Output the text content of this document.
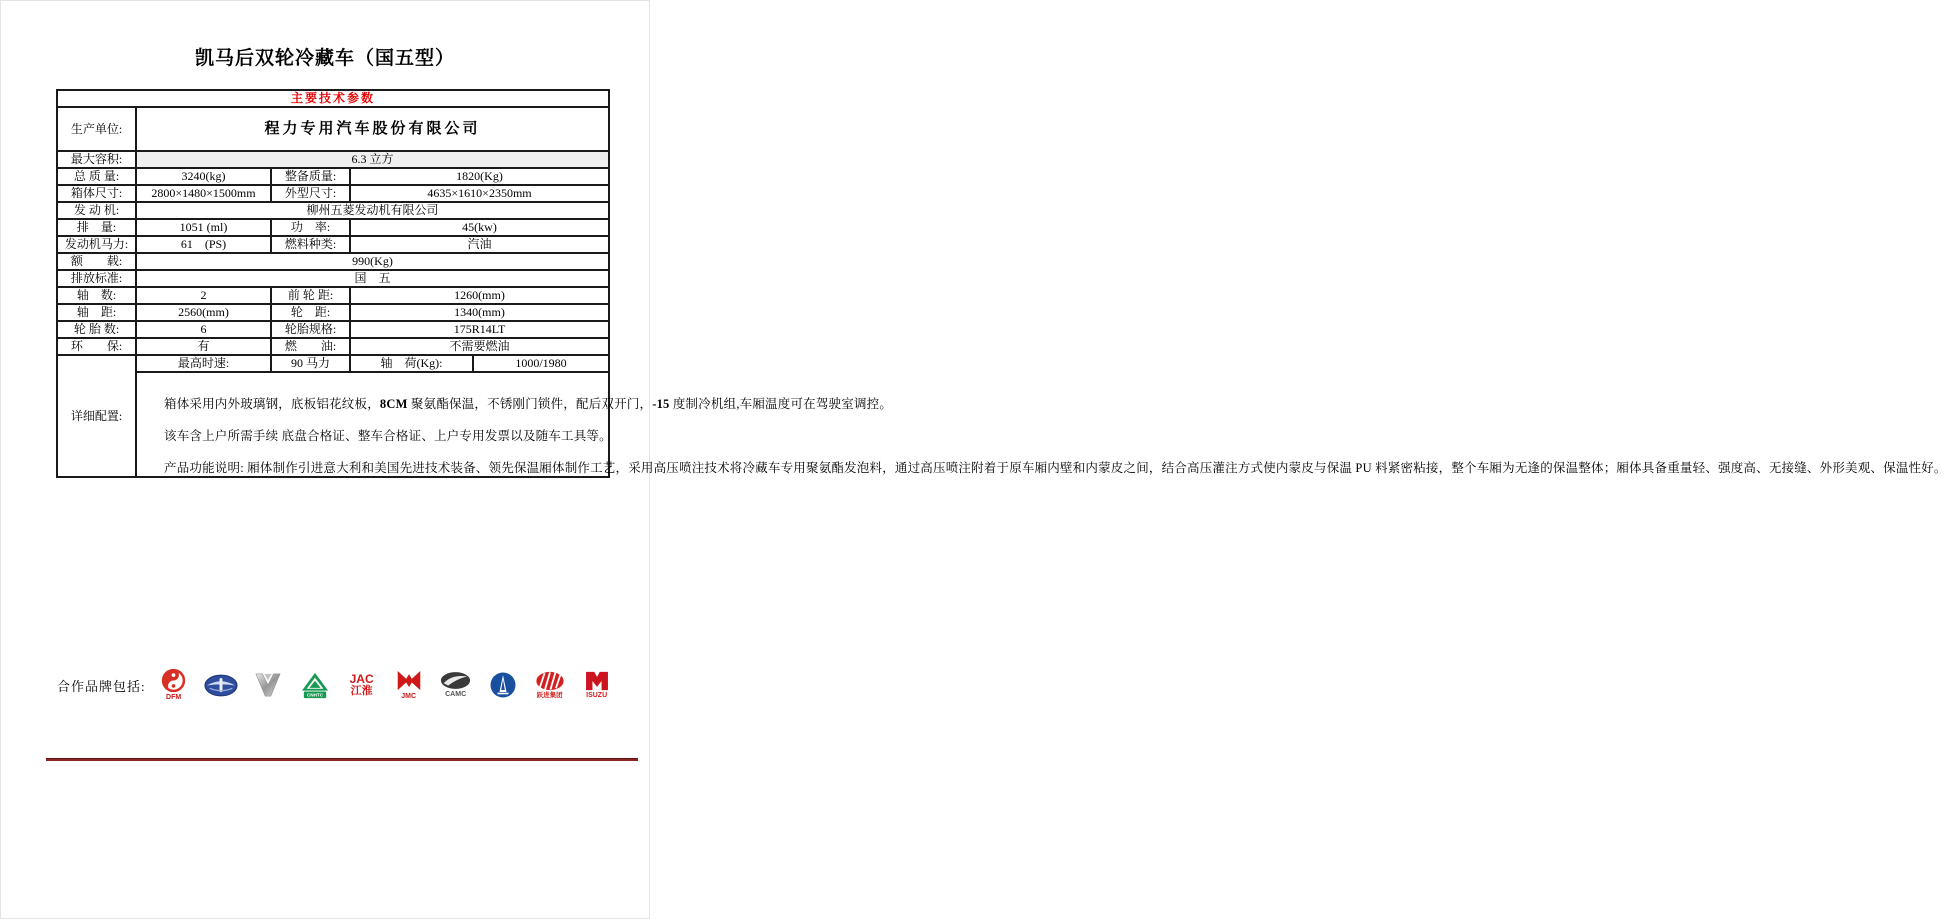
凯马后双轮冷藏车（国五型）
主要技术参数				
生产单位:	程力专用汽车股份有限公司			
最大容积:	6.3 立方			
总 质 量:	3240(kg)	整备质量:	1820(Kg)	
箱体尺寸:	2800×1480×1500mm	外型尺寸:	4635×1610×2350mm	
发 动 机:	柳州五菱发动机有限公司			
排　量:	1051 (ml)	功　率:	45(kw)	
发动机马力:	61　(PS)	燃料种类:	汽油	
额　　载:	990(Kg)			
排放标准:	国　五			
轴　数:	2	前 轮 距:	1260(mm)	
轴　距:	2560(mm)	轮　距:	1340(mm)	
轮 胎 数:	6	轮胎规格:	175R14LT	
环　　保:	有	燃　　油:	不需要燃油	
详细配置:	最高时速:	90 马力	轴　荷(Kg):	1000/1980

	箱体采用内外玻璃钢，底板铝花纹板，8CM 聚氨酯保温，不锈刚门锁件，配后双开门，-15 度制冷机组,车厢温度可在驾驶室调控。

该车含上户所需手续 底盘合格证、整车合格证、上户专用发票以及随车工具等。

产品功能说明: 厢体制作引进意大利和美国先进技术装备、领先保温厢体制作工艺，采用高压喷注技术将冷藏车专用聚氨酯发泡料，通过高压喷注附着于原车厢内壁和内蒙皮之间，结合高压灌注方式使内蒙皮与保温 PU 料紧密粘接，整个车厢为无逢的保温整体；厢体具备重量轻、强度高、无接缝、外形美观、保温性好。			

合作品牌包括:
DFM	CNHTC
JAC
江淮	JMC	CAMC	跃进集团	ISUZU
